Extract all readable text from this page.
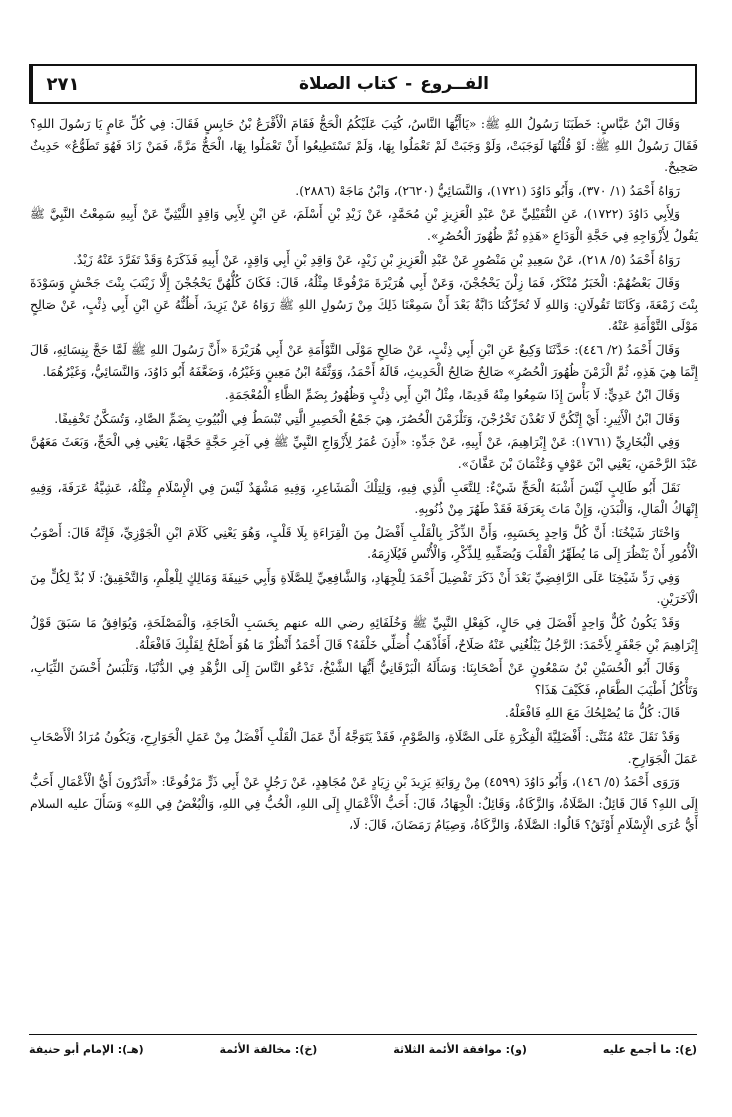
الفــروع
-
كتاب الصلاة
٢٧١

وَقَالَ ابْنُ عَبَّاسٍ: خَطَبَنَا رَسُولُ اللهِ ﷺ: «يَاأَيُّهَا النَّاسُ، كُتِبَ عَلَيْكُمُ الْحَجُّ فَقَامَ الْأَقْرَعُ بْنُ حَابِسٍ فَقَالَ: فِي كُلِّ عَامٍ يَا رَسُولَ اللهِ؟ فَقَالَ رَسُولُ اللهِ ﷺ: لَوْ قُلْتُهَا لَوَجَبَتْ، وَلَوْ وَجَبَتْ لَمْ تَعْمَلُوا بِهَا، وَلَمْ تَسْتَطِيعُوا أَنْ تَعْمَلُوا بِهَا، الْحَجُّ مَرَّةً، فَمَنْ زَادَ فَهُوَ تَطَوُّعٌ» حَدِيثٌ صَحِيحٌ.

رَوَاهُ أَحْمَدُ (١/ ٣٧٠)، وَأَبُو دَاوُدَ (١٧٢١)، وَالنَّسَائِيُّ (٢٦٢٠)، وَابْنُ مَاجَهْ (٢٨٨٦).

وَلِأَبِي دَاوُدَ (١٧٢٢)، عَنِ النُّفَيْلِيِّ عَنْ عَبْدِ الْعَزِيزِ بْنِ مُحَمَّدٍ، عَنْ زَيْدِ بْنِ أَسْلَمَ، عَنِ ابْنٍ لِأَبِي وَاقِدٍ اللَّيْثِيِّ عَنْ أَبِيهِ سَمِعْتُ النَّبِيَّ ﷺ يَقُولُ لِأَزْوَاجِهِ فِي حَجَّةِ الْوَدَاعِ «هَذِهِ ثُمَّ ظُهُورَ الْحُصُرِ».

رَوَاهُ أَحْمَدُ (٥/ ٢١٨)، عَنْ سَعِيدِ بْنِ مَنْصُورٍ عَنْ عَبْدِ الْعَزِيزِ بْنِ زَيْدٍ، عَنْ وَاقِدِ بْنِ أَبِي وَاقِدٍ، عَنْ أَبِيهِ فَذَكَرَهُ وَقَدْ تَفَرَّدَ عَنْهُ زَيْدٌ.

وَقَالَ بَعْضُهُمْ: الْخَبَرُ مُنْكَرٌ، فَمَا زِلْنَ يَحْجُجْنَ، وَعَنْ أَبِي هُرَيْرَةَ مَرْفُوعًا مِثْلُهُ، قَالَ: فَكَانَ كُلُّهُنَّ يَحْجُجْنَ إِلَّا زَيْنَبَ بِنْتَ جَحْشٍ وَسَوْدَةَ بِنْتَ زَمْعَةَ، وَكَانَتَا تَقُولَانِ: وَاللهِ لَا تُحَرِّكُنَا دَابَّةٌ بَعْدَ أَنْ سَمِعْنَا ذَلِكَ مِنْ رَسُولِ اللهِ ﷺ رَوَاهُ عَنْ يَزِيدَ، أَظُنُّهُ عَنِ ابْنِ أَبِي ذِئْبٍ، عَنْ صَالِحٍ مَوْلَى التَّوْأَمَةِ عَنْهُ.

وَقَالَ أَحْمَدُ (٢/ ٤٤٦): حَدَّثَنَا وَكِيعٌ عَنِ ابْنِ أَبِي ذِئْبٍ، عَنْ صَالِحٍ مَوْلَى التَّوْأَمَةِ عَنْ أَبِي هُرَيْرَةَ «أَنَّ رَسُولَ اللهِ ﷺ لَمَّا حَجَّ بِنِسَائِهِ، قَالَ إِنَّمَا هِيَ هَذِهِ، ثُمَّ الْزَمْنَ ظُهُورَ الْحُصُرِ» صَالِحٌ صَالِحُ الْحَدِيثِ، قَالَهُ أَحْمَدُ، وَوَثَّقَهُ ابْنُ مَعِينٍ وَغَيْرُهُ، وَضَعَّفَهُ أَبُو دَاوُدَ، وَالنَّسَائِيُّ، وَغَيْرُهُمَا.

وَقَالَ ابْنُ عَدِيٍّ: لَا بَأْسَ إِذَا سَمِعُوا مِنْهُ قَدِيمًا، مِثْلُ ابْنِ أَبِي ذِئْبٍ وَظُهُورُ بِضَمِّ الظَّاءِ الْمُعْجَمَةِ.

وَقَالَ ابْنُ الْأَثِيرِ: أَيْ إِنَّكُنَّ لَا تَعُدْنَ تَخْرُجْنَ، وَتَلْزَمْنَ الْحُصُرَ، هِيَ جَمْعُ الْحَصِيرِ الَّتِي تُبْسَطُ فِي الْبُيُوتِ بِضَمِّ الصَّادِ، وَتُسَكَّنُ تَخْفِيفًا.

وَفِي الْبُخَارِيِّ (١٧٦١): عَنْ إِبْرَاهِيمَ، عَنْ أَبِيهِ، عَنْ جَدِّهِ: «أَذِنَ عُمَرُ لِأَزْوَاجِ النَّبِيِّ ﷺ فِي آخِرِ حَجَّةٍ حَجَّهَا، يَعْنِي فِي الْحَجِّ، وَبَعَثَ مَعَهُنَّ عَبْدَ الرَّحْمَنِ، يَعْنِي ابْنَ عَوْفٍ وَعُثْمَانَ بْنَ عَفَّانَ».

نَقَلَ أَبُو طَالِبٍ لَيْسَ أَشْبَهُ الْحَجِّ شَيْءٌ: لِلتَّعَبِ الَّذِي فِيهِ، وَلِتِلْكَ الْمَشَاعِرِ، وَفِيهِ مَشْهَدٌ لَيْسَ فِي الْإِسْلَامِ مِثْلُهُ، عَشِيَّةُ عَرَفَةَ، وَفِيهِ إِنْهَاكُ الْمَالِ، وَالْبَدَنِ، وَإِنْ مَاتَ بِعَرَفَةَ فَقَدْ طَهُرَ مِنْ ذُنُوبِهِ.

وَاخْتَارَ شَيْخُنَا: أَنَّ كُلَّ وَاحِدٍ بِحَسَبِهِ، وَأَنَّ الذِّكْرَ بِالْقَلْبِ أَفْضَلُ مِنَ الْقِرَاءَةِ بِلَا قَلْبٍ، وَهُوَ يَعْنِي كَلَامَ ابْنِ الْجَوْزِيِّ، فَإِنَّهُ قَالَ: أَصْوَبُ الْأُمُورِ أَنْ يَنْظُرَ إِلَى مَا يُطَهِّرُ الْقَلْبَ وَيُصَفِّيهِ لِلذِّكْرِ، وَالْأُنْسِ فَيُلَازِمَهُ.

وَفِي رَدِّ شَيْخِنَا عَلَى الرَّافِضِيِّ بَعْدَ أَنْ ذَكَرَ تَفْضِيلَ أَحْمَدَ لِلْجِهَادِ، وَالشَّافِعِيِّ لِلصَّلَاةِ وَأَبِي حَنِيفَةَ وَمَالِكٍ لِلْعِلْمِ، وَالتَّحْقِيقُ: لَا بُدَّ لِكُلٍّ مِنَ الْآخَرَيْنِ.

وَقَدْ يَكُونُ كُلٌّ وَاحِدٍ أَفْضَلَ فِي حَالٍ، كَفِعْلِ النَّبِيِّ ﷺ وَخُلَفَائِهِ رضي الله عنهم بِحَسَبِ الْحَاجَةِ، وَالْمَصْلَحَةِ، وَيُوَافِقُ مَا سَبَقَ قَوْلُ إِبْرَاهِيمَ بْنِ جَعْفَرٍ لِأَحْمَدَ: الرَّجُلُ يَبْلُغُنِي عَنْهُ صَلَاحٌ، أَفَأَذْهَبُ أُصَلِّي خَلْفَهُ؟ قَالَ أَحْمَدُ أَنْظُرْ مَا هُوَ أَصْلَحُ لِقَلْبِكَ فَافْعَلْهُ.

وَقَالَ أَبُو الْحُسَيْنِ بْنُ سَمْعُونٍ عَنْ أَصْحَابِنَا: وَسَأَلَهُ الْبَرْقَانِيُّ أَيُّهَا الشَّيْخُ، تَدْعُو النَّاسَ إِلَى الزُّهْدِ فِي الدُّنْيَا، وَتَلْبَسُ أَحْسَنَ الثِّيَابِ، وَتَأْكُلُ أَطْيَبَ الطَّعَامِ، فَكَيْفَ هَذَا؟

قَالَ: كُلُّ مَا يُصْلِحُكَ مَعَ اللهِ فَافْعَلْهُ.

وَقَدْ نَقَلَ عَنْهُ مُثَنَّى: أَفْضَلِيَّةَ الْفِكْرَةِ عَلَى الصَّلَاةِ، وَالصَّوْمِ، فَقَدْ يَتَوَجَّهُ أَنَّ عَمَلَ الْقَلْبِ أَفْضَلُ مِنْ عَمَلِ الْجَوَارِحِ، وَيَكُونُ مُرَادُ الْأَصْحَابِ عَمَلَ الْجَوَارِحِ.

وَرَوَى أَحْمَدُ (٥/ ١٤٦)، وَأَبُو دَاوُدَ (٤٥٩٩) مِنْ رِوَايَةِ يَزِيدَ بْنِ زِيَادٍ عَنْ مُجَاهِدٍ، عَنْ رَجُلٍ عَنْ أَبِي ذَرٍّ مَرْفُوعًا: «أَتَدْرُونَ أَيُّ الْأَعْمَالِ أَحَبُّ إِلَى اللهِ؟ قَالَ قَائِلٌ: الصَّلَاةُ، وَالزَّكَاةُ، وَقَائِلٌ: الْجِهَادُ، قَالَ: أَحَبُّ الْأَعْمَالِ إِلَى اللهِ، الْحُبُّ فِي اللهِ، وَالْبُغْضُ فِي اللهِ» وَسَأَلَ عليه السلام أَيُّ عُرَى الْإِسْلَامِ أَوْثَقُ؟ قَالُوا: الصَّلَاةُ، وَالزَّكَاةُ، وَصِيَامُ رَمَضَانَ، قَالَ: لَا،

(ع): ما أجمع عليه
(و): موافقة الأئمة الثلاثة
(خ): مخالفة الأئمة
(هـ): الإمام أبو حنيفة
